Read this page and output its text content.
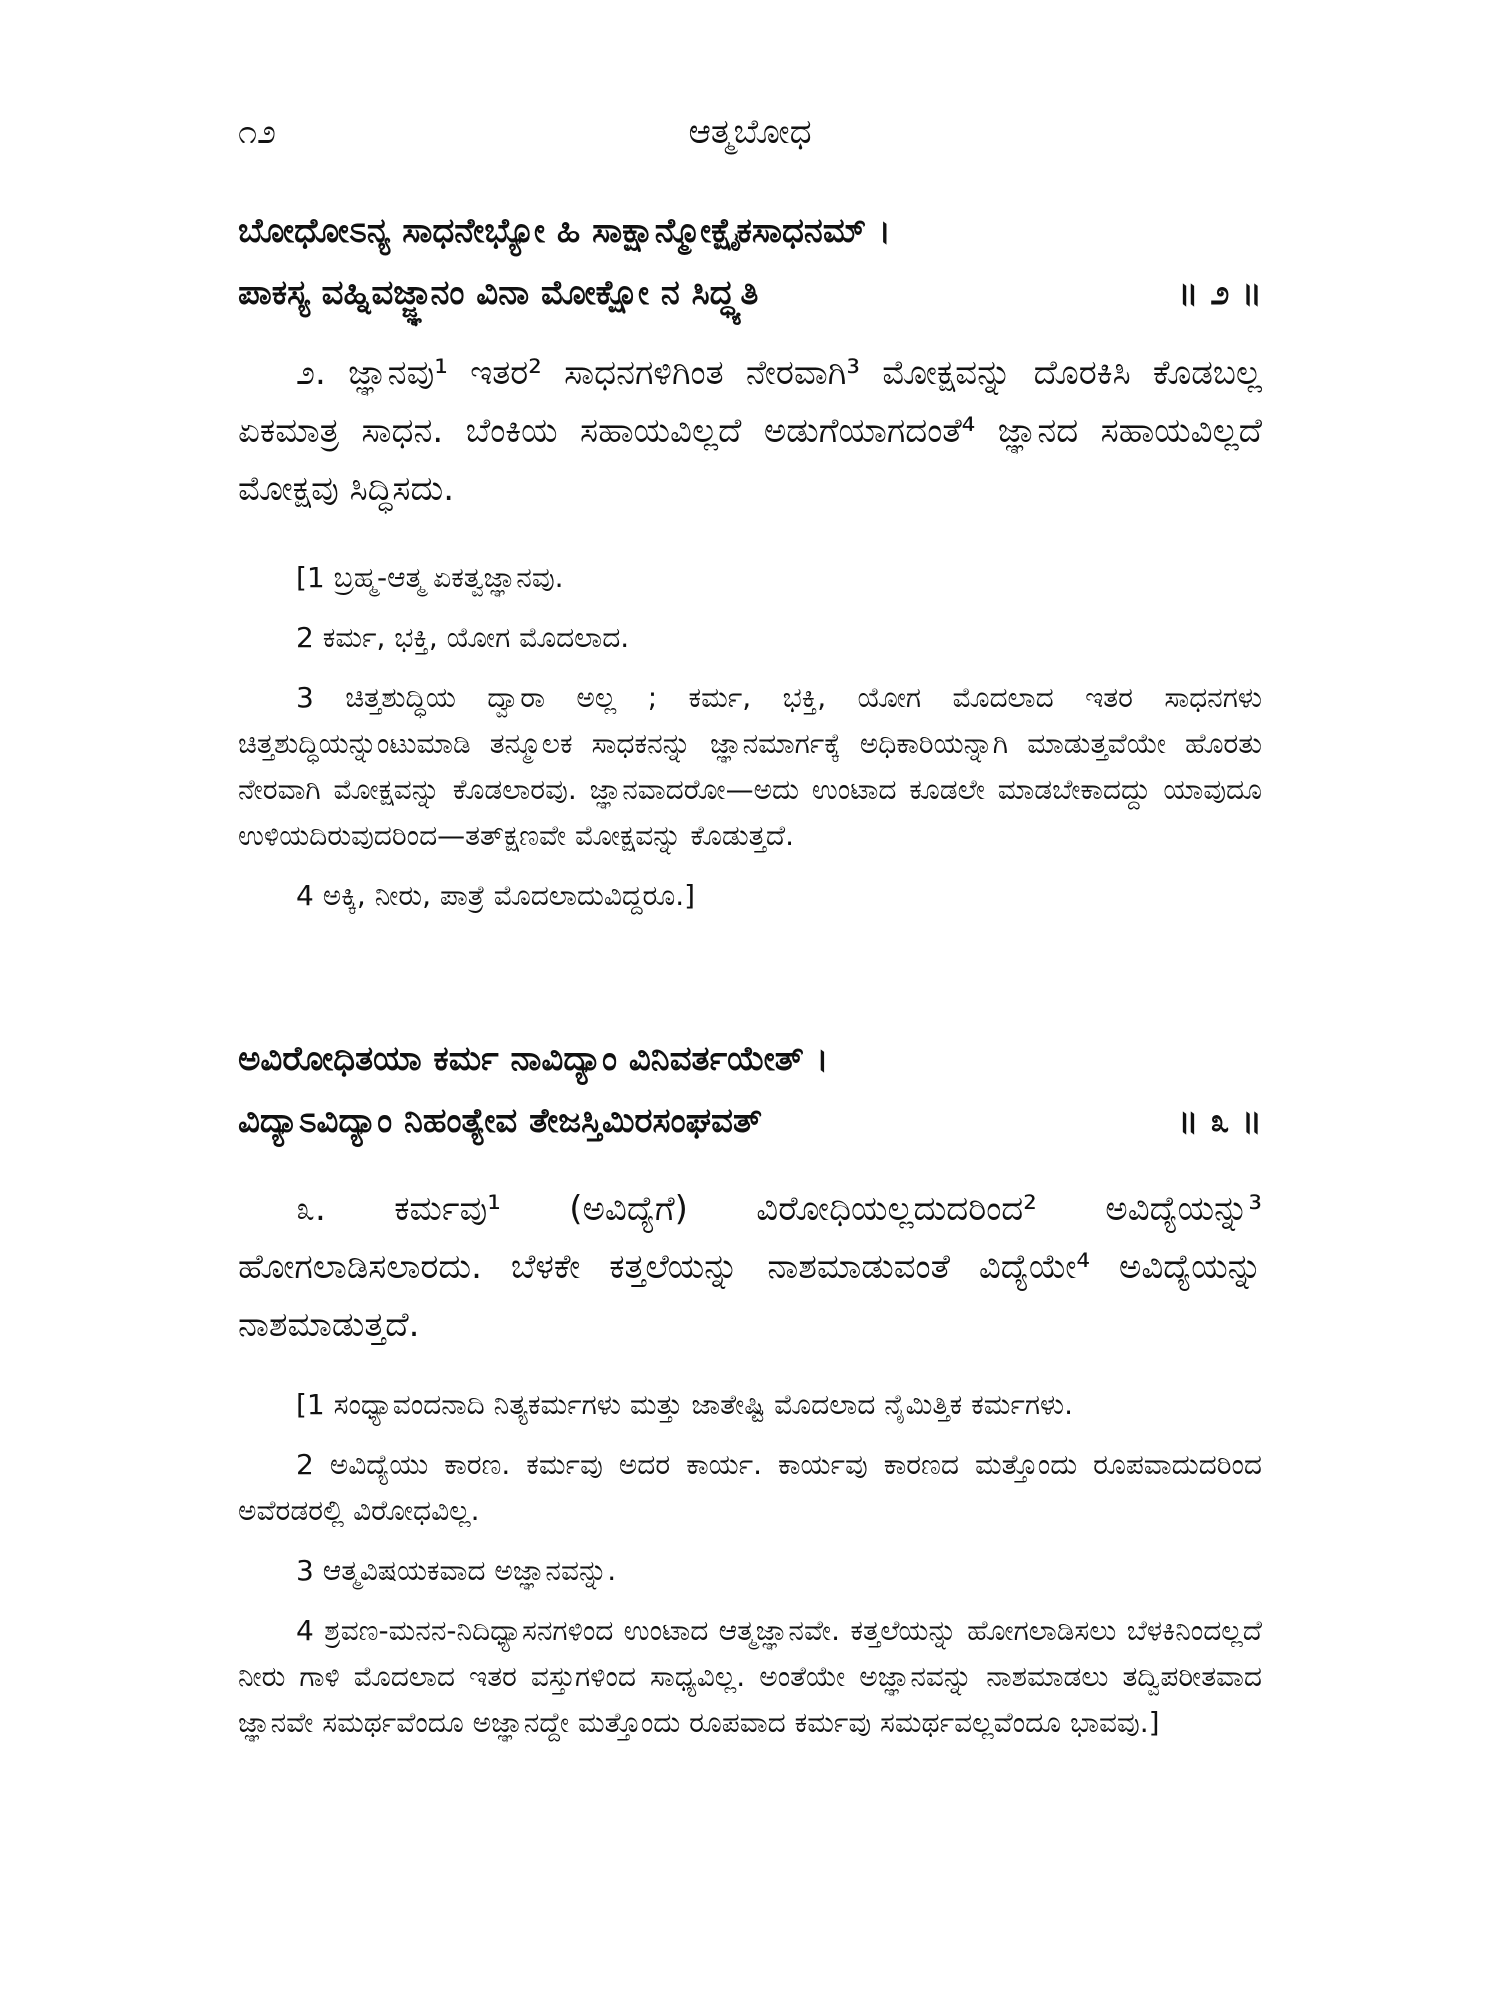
೧೨	ಆತ್ಮಬೋಧ
ಬೋಧೋಽನ್ಯ ಸಾಧನೇಭ್ಯೋ ಹಿ ಸಾಕ್ಷಾನ್ಮೋಕ್ಷೈಕಸಾಧನಮ್ ।
ಪಾಕಸ್ಯ ವಹ್ನಿವಜ್ಜ್ಞಾನಂ ವಿನಾ ಮೋಕ್ಷೋ ನ ಸಿದ್ಧ್ಯತಿ	॥ ೨ ॥
೨. ಜ್ಞಾನವು¹ ಇತರ² ಸಾಧನಗಳಿಗಿಂತ ನೇರವಾಗಿ³ ಮೋಕ್ಷವನ್ನು ದೊರಕಿಸಿ ಕೊಡಬಲ್ಲ ಏಕಮಾತ್ರ ಸಾಧನ. ಬೆಂಕಿಯ ಸಹಾಯವಿಲ್ಲದೆ ಅಡುಗೆಯಾಗದಂತೆ⁴ ಜ್ಞಾನದ ಸಹಾಯವಿಲ್ಲದೆ ಮೋಕ್ಷವು ಸಿದ್ಧಿಸದು.

[1 ಬ್ರಹ್ಮ-ಆತ್ಮ ಏಕತ್ವಜ್ಞಾನವು.

2 ಕರ್ಮ, ಭಕ್ತಿ, ಯೋಗ ಮೊದಲಾದ.

3 ಚಿತ್ತಶುದ್ಧಿಯ ದ್ವಾರಾ ಅಲ್ಲ ; ಕರ್ಮ, ಭಕ್ತಿ, ಯೋಗ ಮೊದಲಾದ ಇತರ ಸಾಧನಗಳು ಚಿತ್ತಶುದ್ಧಿಯನ್ನುಂಟುಮಾಡಿ ತನ್ಮೂಲಕ ಸಾಧಕನನ್ನು ಜ್ಞಾನಮಾರ್ಗಕ್ಕೆ ಅಧಿಕಾರಿಯನ್ನಾಗಿ ಮಾಡುತ್ತವೆಯೇ ಹೊರತು ನೇರವಾಗಿ ಮೋಕ್ಷವನ್ನು ಕೊಡಲಾರವು. ಜ್ಞಾನವಾದರೋ—ಅದು ಉಂಟಾದ ಕೂಡಲೇ ಮಾಡಬೇಕಾದದ್ದು ಯಾವುದೂ ಉಳಿಯದಿರುವುದರಿಂದ—ತತ್‌ಕ್ಷಣವೇ ಮೋಕ್ಷವನ್ನು ಕೊಡುತ್ತದೆ.

4 ಅಕ್ಕಿ, ನೀರು, ಪಾತ್ರೆ ಮೊದಲಾದುವಿದ್ದರೂ.]

ಅವಿರೋಧಿತಯಾ ಕರ್ಮ ನಾವಿದ್ಯಾಂ ವಿನಿವರ್ತಯೇತ್ ।
ವಿದ್ಯಾಽವಿದ್ಯಾಂ ನಿಹಂತ್ಯೇವ ತೇಜಸ್ತಿಮಿರಸಂಘವತ್	॥ ೩ ॥
೩. ಕರ್ಮವು¹ (ಅವಿದ್ಯೆಗೆ) ವಿರೋಧಿಯಲ್ಲದುದರಿಂದ² ಅವಿದ್ಯೆಯನ್ನು³ ಹೋಗಲಾಡಿಸಲಾರದು. ಬೆಳಕೇ ಕತ್ತಲೆಯನ್ನು ನಾಶಮಾಡುವಂತೆ ವಿದ್ಯೆಯೇ⁴ ಅವಿದ್ಯೆಯನ್ನು ನಾಶಮಾಡುತ್ತದೆ.

[1 ಸಂಧ್ಯಾವಂದನಾದಿ ನಿತ್ಯಕರ್ಮಗಳು ಮತ್ತು ಜಾತೇಷ್ಟಿ ಮೊದಲಾದ ನೈಮಿತ್ತಿಕ ಕರ್ಮಗಳು.

2 ಅವಿದ್ಯೆಯು ಕಾರಣ. ಕರ್ಮವು ಅದರ ಕಾರ್ಯ. ಕಾರ್ಯವು ಕಾರಣದ ಮತ್ತೊಂದು ರೂಪವಾದುದರಿಂದ ಅವೆರಡರಲ್ಲಿ ವಿರೋಧವಿಲ್ಲ.

3 ಆತ್ಮವಿಷಯಕವಾದ ಅಜ್ಞಾನವನ್ನು.

4 ಶ್ರವಣ-ಮನನ-ನಿದಿಧ್ಯಾಸನಗಳಿಂದ ಉಂಟಾದ ಆತ್ಮಜ್ಞಾನವೇ. ಕತ್ತಲೆಯನ್ನು ಹೋಗಲಾಡಿಸಲು ಬೆಳಕಿನಿಂದಲ್ಲದೆ ನೀರು ಗಾಳಿ ಮೊದಲಾದ ಇತರ ವಸ್ತುಗಳಿಂದ ಸಾಧ್ಯವಿಲ್ಲ. ಅಂತೆಯೇ ಅಜ್ಞಾನವನ್ನು ನಾಶಮಾಡಲು ತದ್ವಿಪರೀತವಾದ ಜ್ಞಾನವೇ ಸಮರ್ಥವೆಂದೂ ಅಜ್ಞಾನದ್ದೇ ಮತ್ತೊಂದು ರೂಪವಾದ ಕರ್ಮವು ಸಮರ್ಥವಲ್ಲವೆಂದೂ ಭಾವವು.]
